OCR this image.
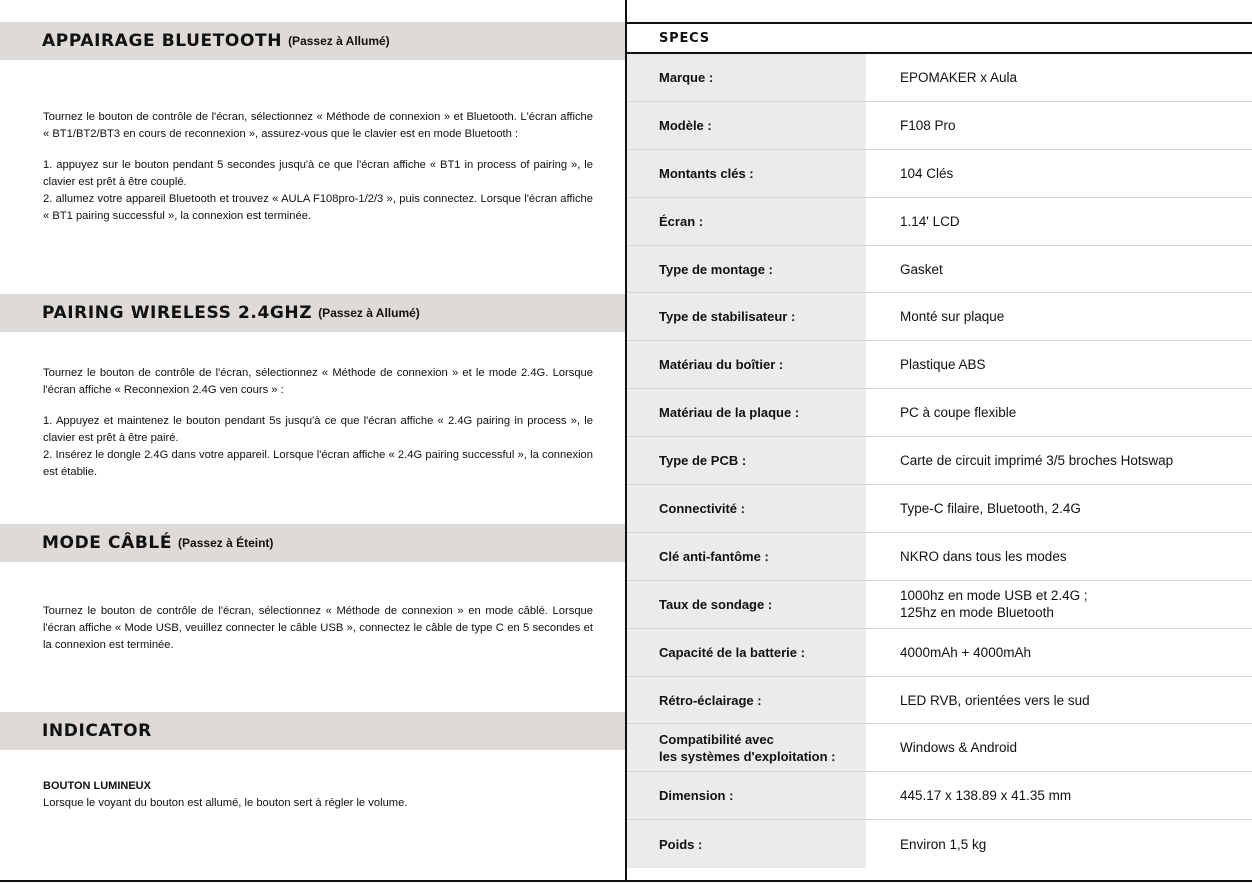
APPAIRAGE BLUETOOTH (Passez à Allumé)

Tournez le bouton de contrôle de l'écran, sélectionnez « Méthode de connexion » et Bluetooth. L'écran affiche « BT1/BT2/BT3 en cours de reconnexion », assurez-vous que le clavier est en mode Bluetooth :

1. appuyez sur le bouton pendant 5 secondes jusqu'à ce que l'écran affiche « BT1 in process of pairing », le clavier est prêt à être couplé.

2. allumez votre appareil Bluetooth et trouvez « AULA F108pro-1/2/3 », puis connectez. Lorsque l'écran affiche « BT1 pairing successful », la connexion est terminée.

PAIRING WIRELESS 2.4GHZ (Passez à Allumé)

Tournez le bouton de contrôle de l'écran, sélectionnez « Méthode de connexion » et le mode 2.4G. Lorsque l'écran affiche « Reconnexion 2.4G ven cours » :

1. Appuyez et maintenez le bouton pendant 5s jusqu'à ce que l'écran affiche « 2.4G pairing in process », le clavier est prêt à être pairé.

2. Insérez le dongle 2.4G dans votre appareil. Lorsque l'écran affiche « 2.4G pairing successful », la connexion est établie.

MODE CÂBLÉ (Passez à Éteint)

Tournez le bouton de contrôle de l'écran, sélectionnez « Méthode de connexion » en mode câblé. Lorsque l'écran affiche « Mode USB, veuillez connecter le câble USB », connectez le câble de type C en 5 secondes et la connexion est terminée.

INDICATOR

BOUTON LUMINEUX

Lorsque le voyant du bouton est allumé, le bouton sert à régler le volume.

SPECS
Marque :	EPOMAKER x Aula
Modèle :	F108 Pro
Montants clés :	104 Clés
Écran :	1.14' LCD
Type de montage :	Gasket
Type de stabilisateur :	Monté sur plaque
Matériau du boîtier :	Plastique ABS
Matériau de la plaque :	PC à coupe flexible
Type de PCB :	Carte de circuit imprimé 3/5 broches Hotswap
Connectivité :	Type-C filaire, Bluetooth, 2.4G
Clé anti-fantôme :	NKRO dans tous les modes
Taux de sondage :
1000hz en mode USB et 2.4G ;
125hz en mode Bluetooth
Capacité de la batterie :	4000mAh + 4000mAh
Rétro-éclairage :	LED RVB, orientées vers le sud
Compatibilité avec
les systèmes d'exploitation :
Windows & Android
Dimension :	445.17 x 138.89 x 41.35 mm
Poids :	Environ 1,5 kg
